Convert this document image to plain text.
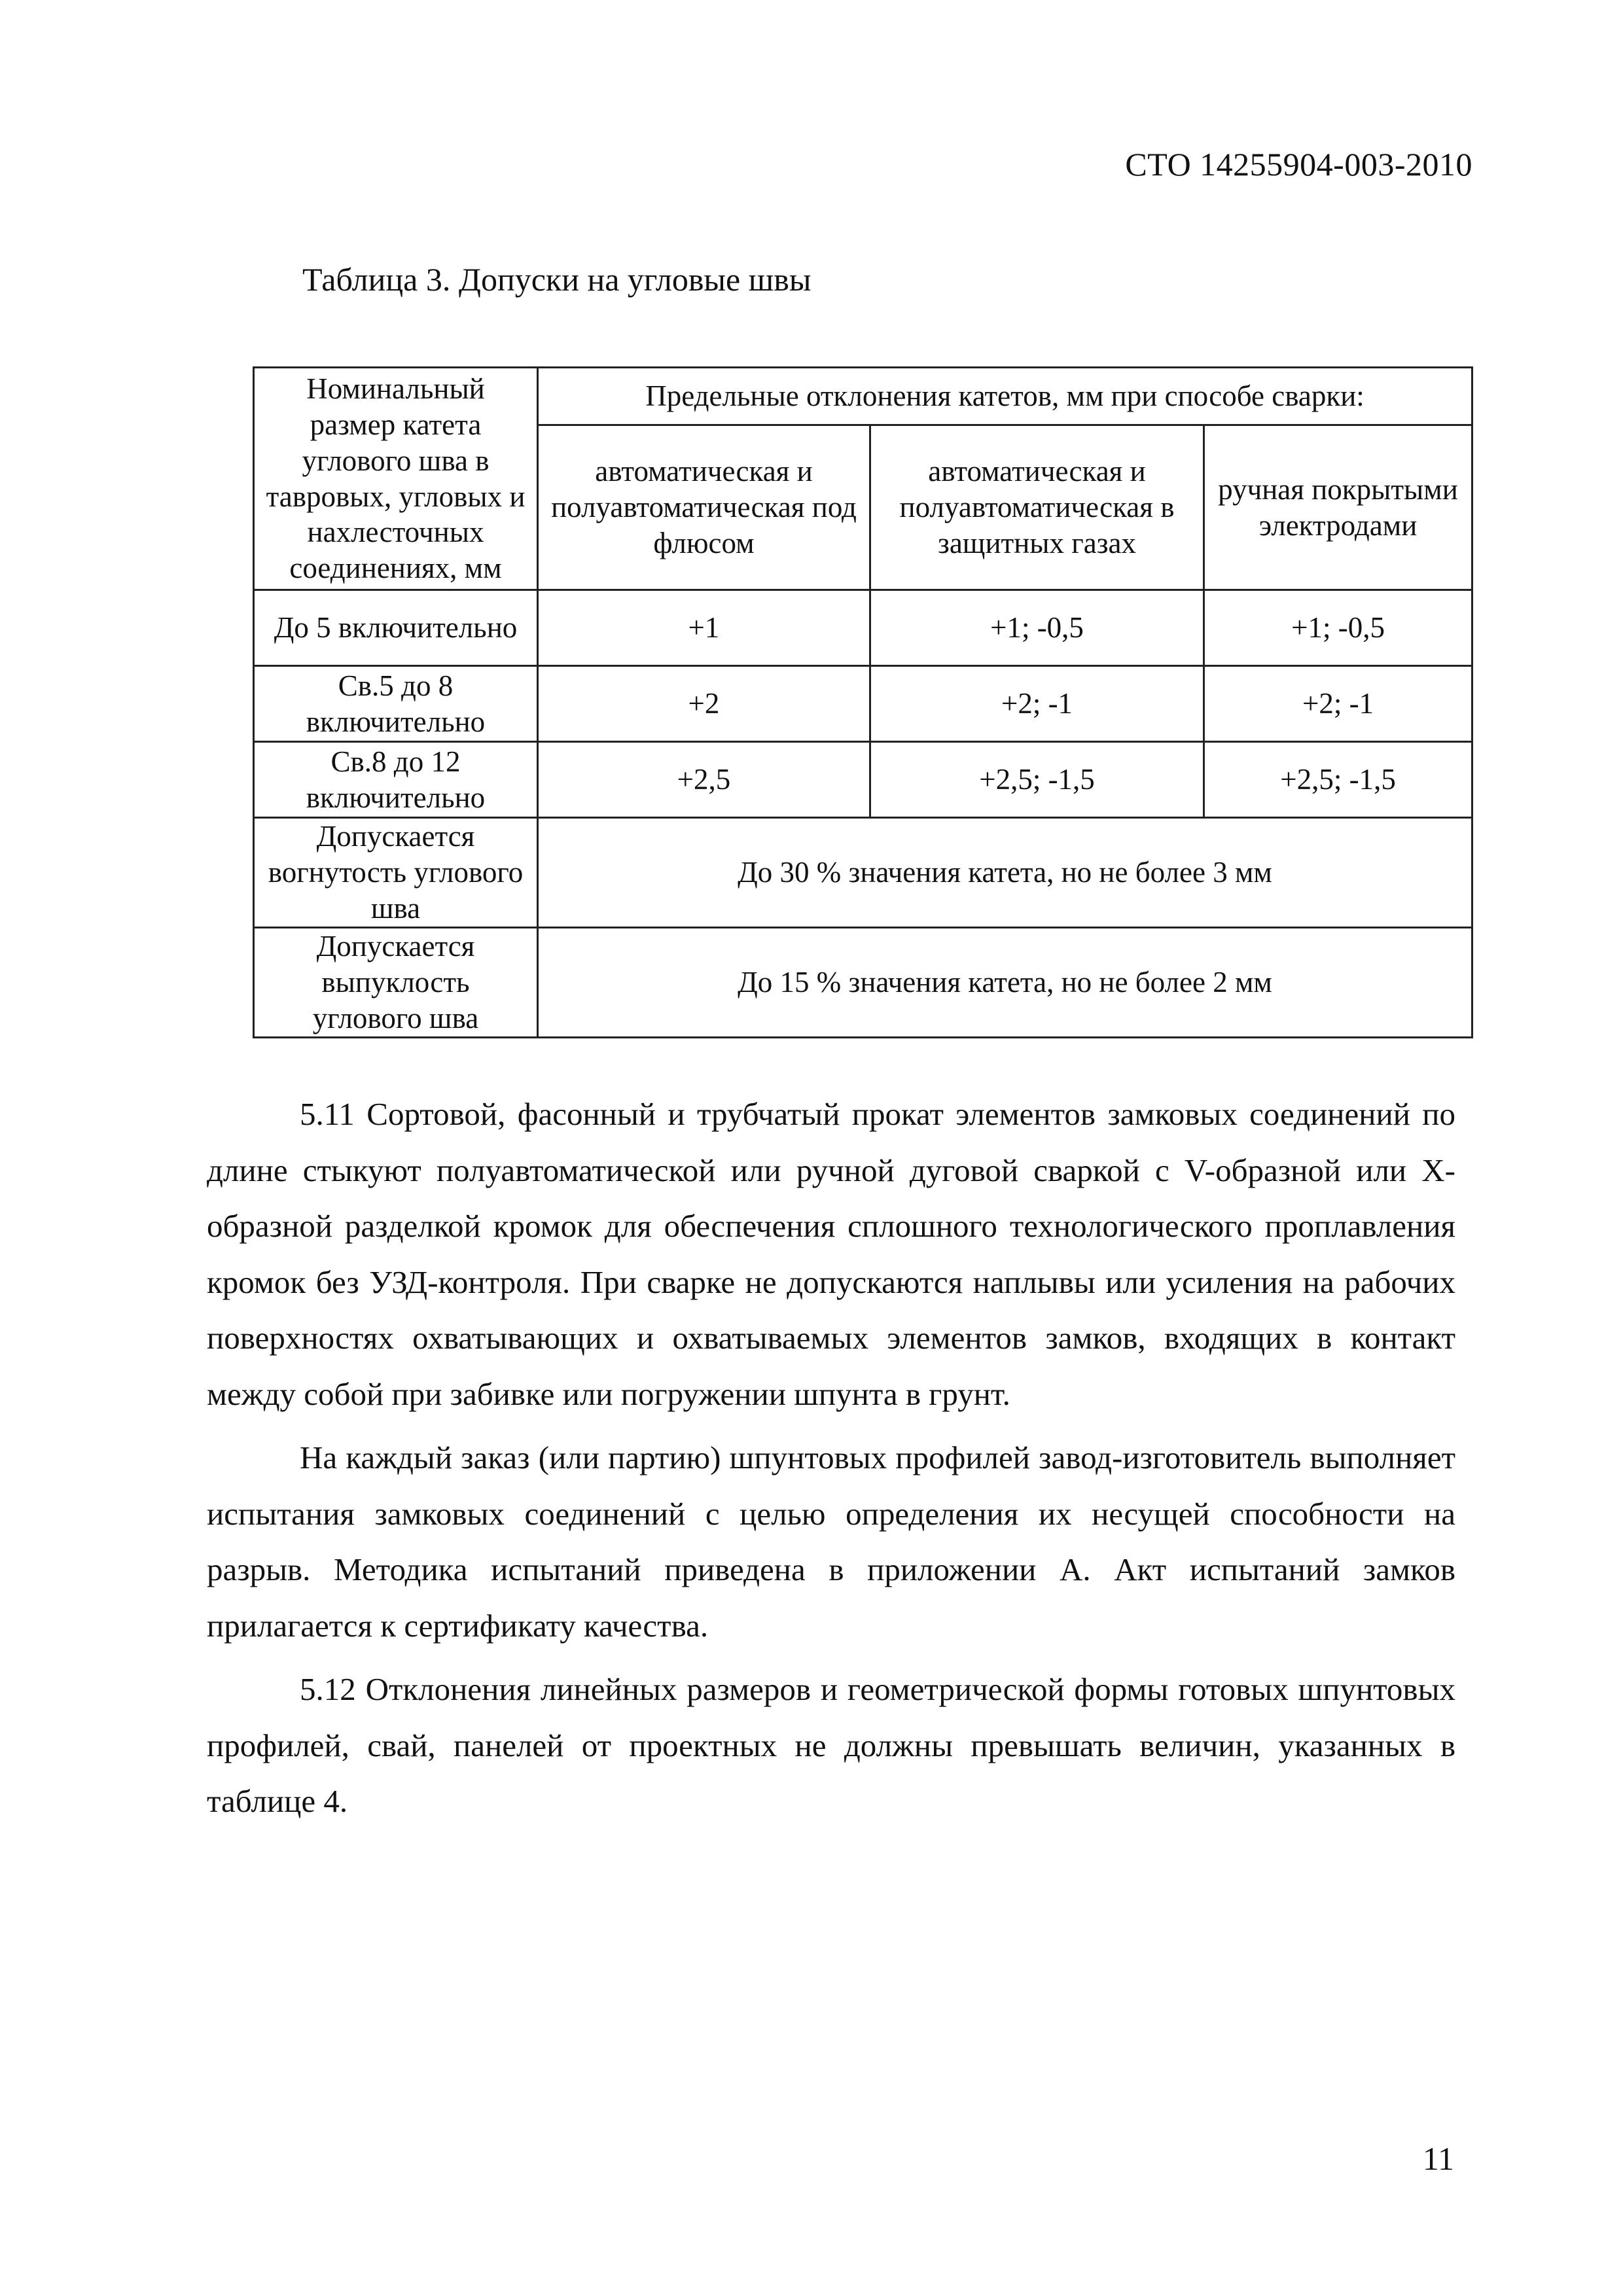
СТО 14255904-003-2010
Таблица 3. Допуски на угловые швы
Номинальный размер катета углового шва в тавровых, угловых и нахлесточных соединениях, мм	Предельные отклонения катетов, мм при способе сварки:		
	автоматическая и полуавтоматическая под флюсом	автоматическая и полуавтоматическая в защитных газах	ручная покрытыми электродами
До 5 включительно	+1	+1; -0,5	+1; -0,5
Св.5 до 8 включительно	+2	+2; -1	+2; -1
Св.8 до 12 включительно	+2,5	+2,5; -1,5	+2,5; -1,5
Допускается вогнутость углового шва	До 30 % значения катета, но не более 3 мм		
Допускается выпуклость углового шва	До 15 % значения катета, но не более 2 мм		

5.11 Сортовой, фасонный и трубчатый прокат элементов замковых соединений по длине стыкуют полуавтоматической или ручной дуговой сваркой с V-образной или X-образной разделкой кромок для обеспечения сплошного технологического проплавления кромок без УЗД-контроля. При сварке не допускаются наплывы или усиления на рабочих поверхностях охватывающих и охватываемых элементов замков, входящих в контакт между собой при забивке или погружении шпунта в грунт.

На каждый заказ (или партию) шпунтовых профилей завод-изготовитель выполняет испытания замковых соединений с целью определения их несущей способности на разрыв. Методика испытаний приведена в приложении А. Акт испытаний замков прилагается к сертификату качества.

5.12 Отклонения линейных размеров и геометрической формы готовых шпунтовых профилей, свай, панелей от проектных не должны превышать величин, указанных в таблице 4.

11
